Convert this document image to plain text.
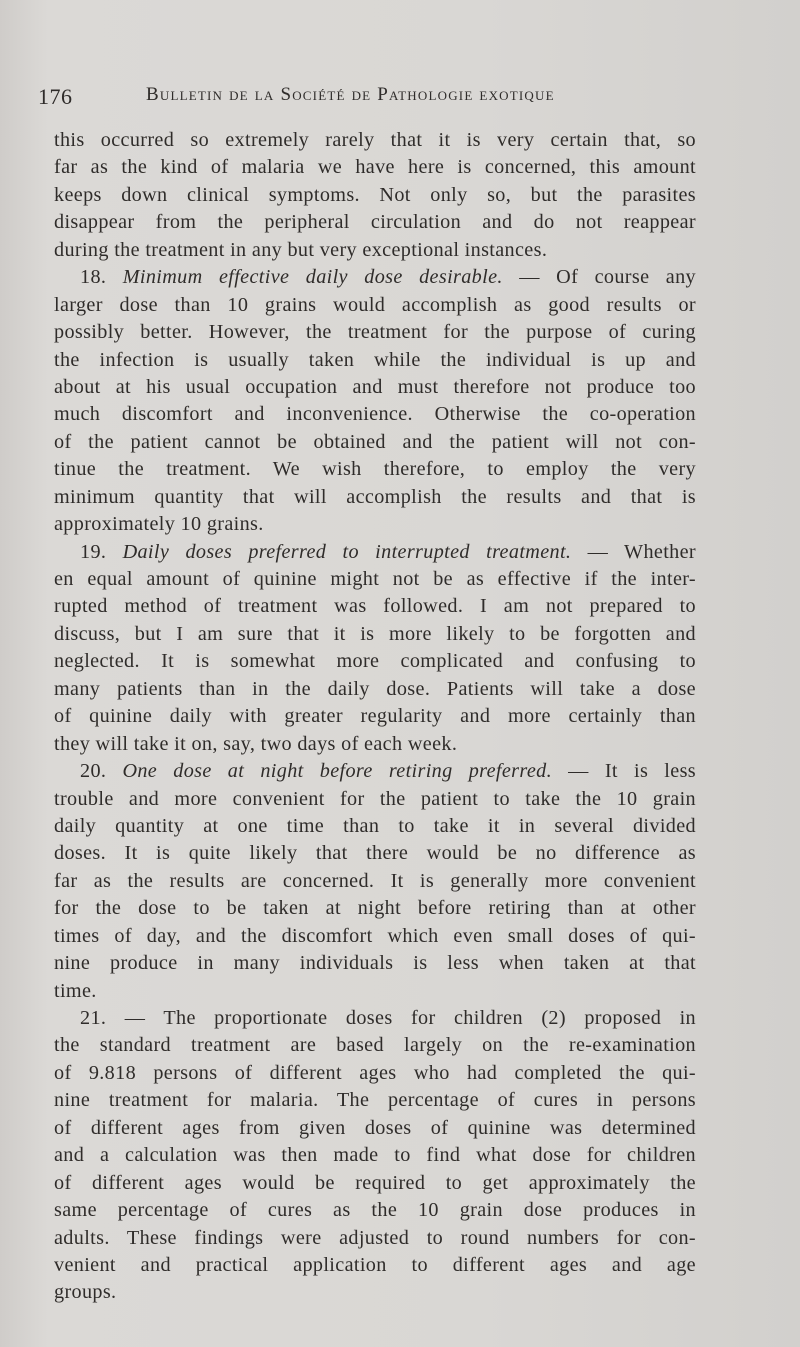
176	Bulletin de la Société de Pathologie exotique
this occurred so extremely rarely that it is very certain that, so
far as the kind of malaria we have here is concerned, this amount
keeps down clinical symptoms. Not only so, but the parasites
disappear from the peripheral circulation and do not reappear
during the treatment in any but very exceptional instances.
18. Minimum effective daily dose desirable. — Of course any
larger dose than 10 grains would accomplish as good results or
possibly better. However, the treatment for the purpose of curing
the infection is usually taken while the individual is up and
about at his usual occupation and must therefore not produce too
much discomfort and inconvenience. Otherwise the co-operation
of the patient cannot be obtained and the patient will not con-
tinue the treatment. We wish therefore, to employ the very
minimum quantity that will accomplish the results and that is
approximately 10 grains.
19. Daily doses preferred to interrupted treatment. — Whether
en equal amount of quinine might not be as effective if the inter-
rupted method of treatment was followed. I am not prepared to
discuss, but I am sure that it is more likely to be forgotten and
neglected. It is somewhat more complicated and confusing to
many patients than in the daily dose. Patients will take a dose
of quinine daily with greater regularity and more certainly than
they will take it on, say, two days of each week.
20. One dose at night before retiring preferred. — It is less
trouble and more convenient for the patient to take the 10 grain
daily quantity at one time than to take it in several divided
doses. It is quite likely that there would be no difference as
far as the results are concerned. It is generally more convenient
for the dose to be taken at night before retiring than at other
times of day, and the discomfort which even small doses of qui-
nine produce in many individuals is less when taken at that
time.
21. — The proportionate doses for children (2) proposed in
the standard treatment are based largely on the re-examination
of 9.818 persons of different ages who had completed the qui-
nine treatment for malaria. The percentage of cures in persons
of different ages from given doses of quinine was determined
and a calculation was then made to find what dose for children
of different ages would be required to get approximately the
same percentage of cures as the 10 grain dose produces in
adults. These findings were adjusted to round numbers for con-
venient and practical application to different ages and age
groups.
